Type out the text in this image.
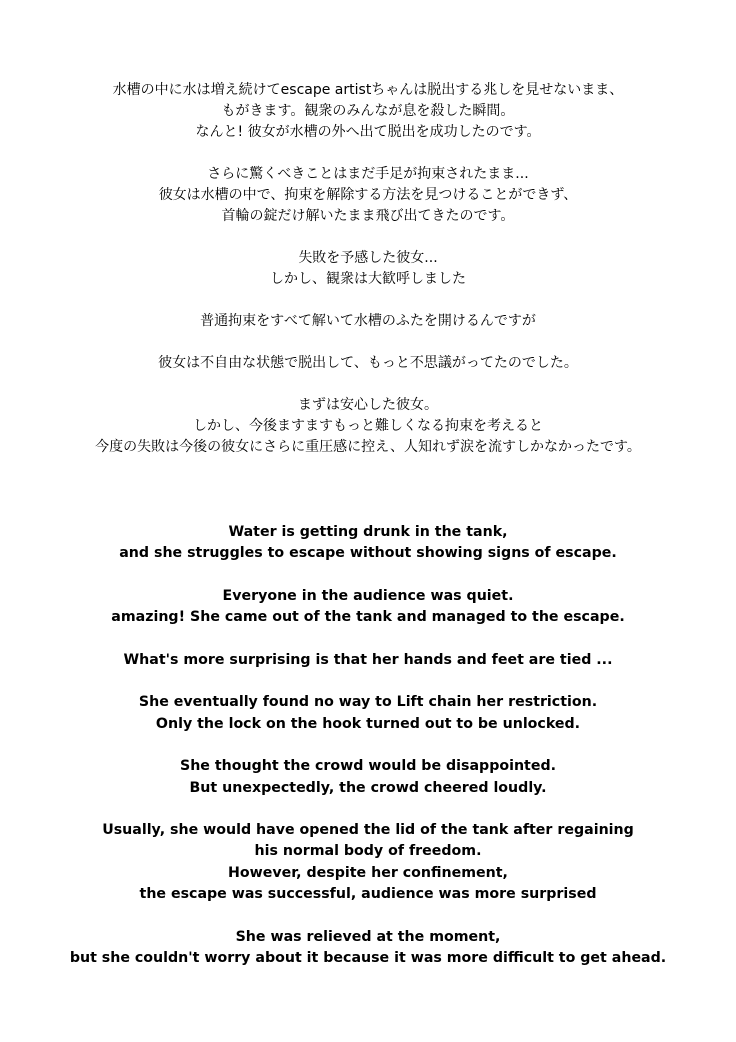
水槽の中に水は増え続けてescape artistちゃんは脱出する兆しを見せないまま、
もがきます。観衆のみんなが息を殺した瞬間。
なんと! 彼女が水槽の外へ出て脱出を成功したのです。

さらに驚くべきことはまだ手足が拘束されたまま...
彼女は水槽の中で、拘束を解除する方法を見つけることができず、
首輪の錠だけ解いたまま飛び出てきたのです。

失敗を予感した彼女...
しかし、観衆は大歓呼しました

普通拘束をすべて解いて水槽のふたを開けるんですが

彼女は不自由な状態で脱出して、もっと不思議がってたのでした。

まずは安心した彼女。
しかし、今後ますますもっと難しくなる拘束を考えると
今度の失敗は今後の彼女にさらに重圧感に控え、人知れず涙を流すしかなかったです。

Water is getting drunk in the tank,
and she struggles to escape without showing signs of escape.

Everyone in the audience was quiet.
amazing! She came out of the tank and managed to the escape.

What's more surprising is that her hands and feet are tied ...

She eventually found no way to Lift chain her restriction.
Only the lock on the hook turned out to be unlocked.

She thought the crowd would be disappointed.
But unexpectedly, the crowd cheered loudly.

Usually, she would have opened the lid of the tank after regaining
his normal body of freedom.
However, despite her confinement,
the escape was successful, audience was more surprised

She was relieved at the moment,
but she couldn't worry about it because it was more difficult to get ahead.
